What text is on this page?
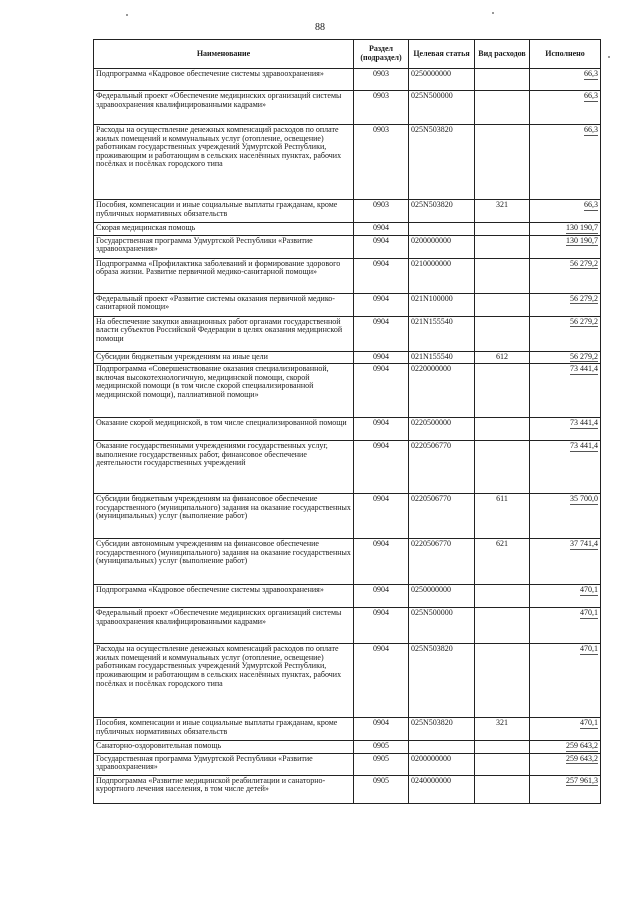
88
Наименование	Раздел (подраздел)	Целевая статья	Вид расходов	Исполнено
Подпрограмма «Кадровое обеспечение системы здравоохранения»	0903	0250000000		66,3
Федеральный проект «Обеспечение медицинских организаций системы здравоохранения квалифицированными кадрами»	0903	025N500000		66,3
Расходы на осуществление денежных компенсаций расходов по оплате жилых помещений и коммунальных услуг (отопление, освещение) работникам государственных учреждений Удмуртской Республики, проживающим и работающим в сельских населённых пунктах, рабочих посёлках и посёлках городского типа	0903	025N503820		66,3
Пособия, компенсации и иные социальные выплаты гражданам, кроме публичных нормативных обязательств	0903	025N503820	321	66,3
Скорая медицинская помощь	0904			130 190,7
Государственная программа Удмуртской Республики «Развитие здравоохранения»	0904	0200000000		130 190,7
Подпрограмма «Профилактика заболеваний и формирование здорового образа жизни. Развитие первичной медико-санитарной помощи»	0904	0210000000		56 279,2
Федеральный проект «Развитие системы оказания первичной медико-санитарной помощи»	0904	021N100000		56 279,2
На обеспечение закупки авиационных работ органами государственной власти субъектов Российской Федерации в целях оказания медицинской помощи	0904	021N155540		56 279,2
Субсидии бюджетным учреждениям на иные цели	0904	021N155540	612	56 279,2
Подпрограмма «Совершенствование оказания специализированной, включая высокотехнологичную, медицинской помощи, скорой медицинской помощи (в том числе скорой специализированной медицинской помощи), паллиативной помощи»	0904	0220000000		73 441,4
Оказание скорой медицинской, в том числе специализированной помощи	0904	0220500000		73 441,4
Оказание государственными учреждениями государственных услуг, выполнение государственных работ, финансовое обеспечение деятельности государственных учреждений	0904	0220506770		73 441,4
Субсидии бюджетным учреждениям на финансовое обеспечение государственного (муниципального) задания на оказание государственных (муниципальных) услуг (выполнение работ)	0904	0220506770	611	35 700,0
Субсидии автономным учреждениям на финансовое обеспечение государственного (муниципального) задания на оказание государственных (муниципальных) услуг (выполнение работ)	0904	0220506770	621	37 741,4
Подпрограмма «Кадровое обеспечение системы здравоохранения»	0904	0250000000		470,1
Федеральный проект «Обеспечение медицинских организаций системы здравоохранения квалифицированными кадрами»	0904	025N500000		470,1
Расходы на осуществление денежных компенсаций расходов по оплате жилых помещений и коммунальных услуг (отопление, освещение) работникам государственных учреждений Удмуртской Республики, проживающим и работающим в сельских населённых пунктах, рабочих посёлках и посёлках городского типа	0904	025N503820		470,1
Пособия, компенсации и иные социальные выплаты гражданам, кроме публичных нормативных обязательств	0904	025N503820	321	470,1
Санаторно-оздоровительная помощь	0905			259 643,2
Государственная программа Удмуртской Республики «Развитие здравоохранения»	0905	0200000000		259 643,2
Подпрограмма «Развитие медицинской реабилитации и санаторно-курортного лечения населения, в том числе детей»	0905	0240000000		257 961,3
